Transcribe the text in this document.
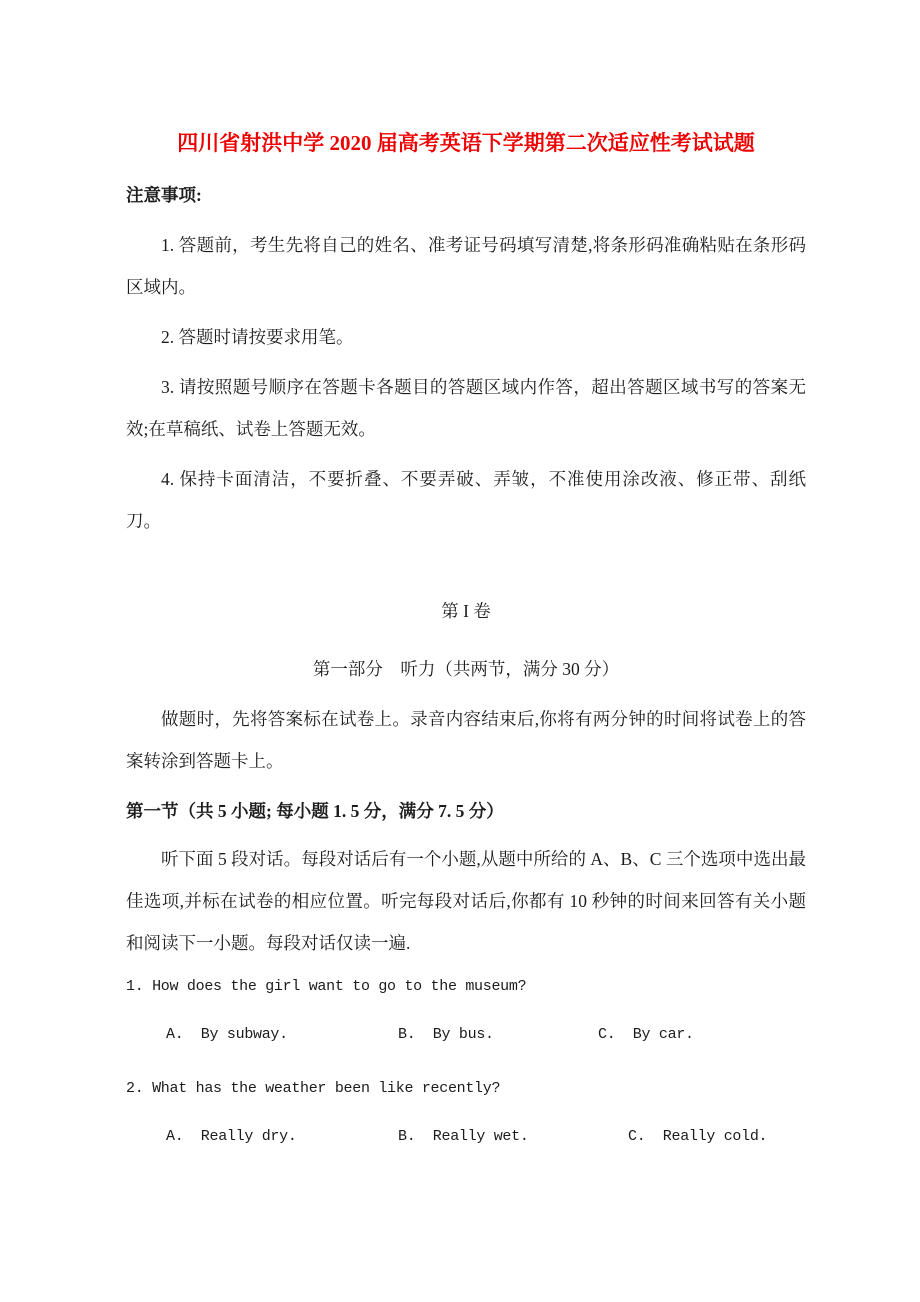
四川省射洪中学 2020 届高考英语下学期第二次适应性考试试题

注意事项:

1. 答题前，考生先将自己的姓名、准考证号码填写清楚,将条形码准确粘贴在条形码区域内。

2. 答题时请按要求用笔。

3. 请按照题号顺序在答题卡各题目的答题区域内作答，超出答题区域书写的答案无效;在草稿纸、试卷上答题无效。

4. 保持卡面清洁，不要折叠、不要弄破、弄皱，不准使用涂改液、修正带、刮纸刀。

第 I 卷

第一部分　听力（共两节，满分 30 分）

做题时，先将答案标在试卷上。录音内容结束后,你将有两分钟的时间将试卷上的答案转涂到答题卡上。

第一节（共 5 小题; 每小题 1. 5 分，满分 7. 5 分）

听下面 5 段对话。每段对话后有一个小题,从题中所给的 A、B、C 三个选项中选出最佳选项,并标在试卷的相应位置。听完每段对话后,你都有 10 秒钟的时间来回答有关小题和阅读下一小题。每段对话仅读一遍.

1. How does the girl want to go to the museum?

A.  By subway.	B.  By bus.	C.  By car.

2. What has the weather been like recently?

A.  Really dry.	B.  Really wet.	C.  Really cold.
